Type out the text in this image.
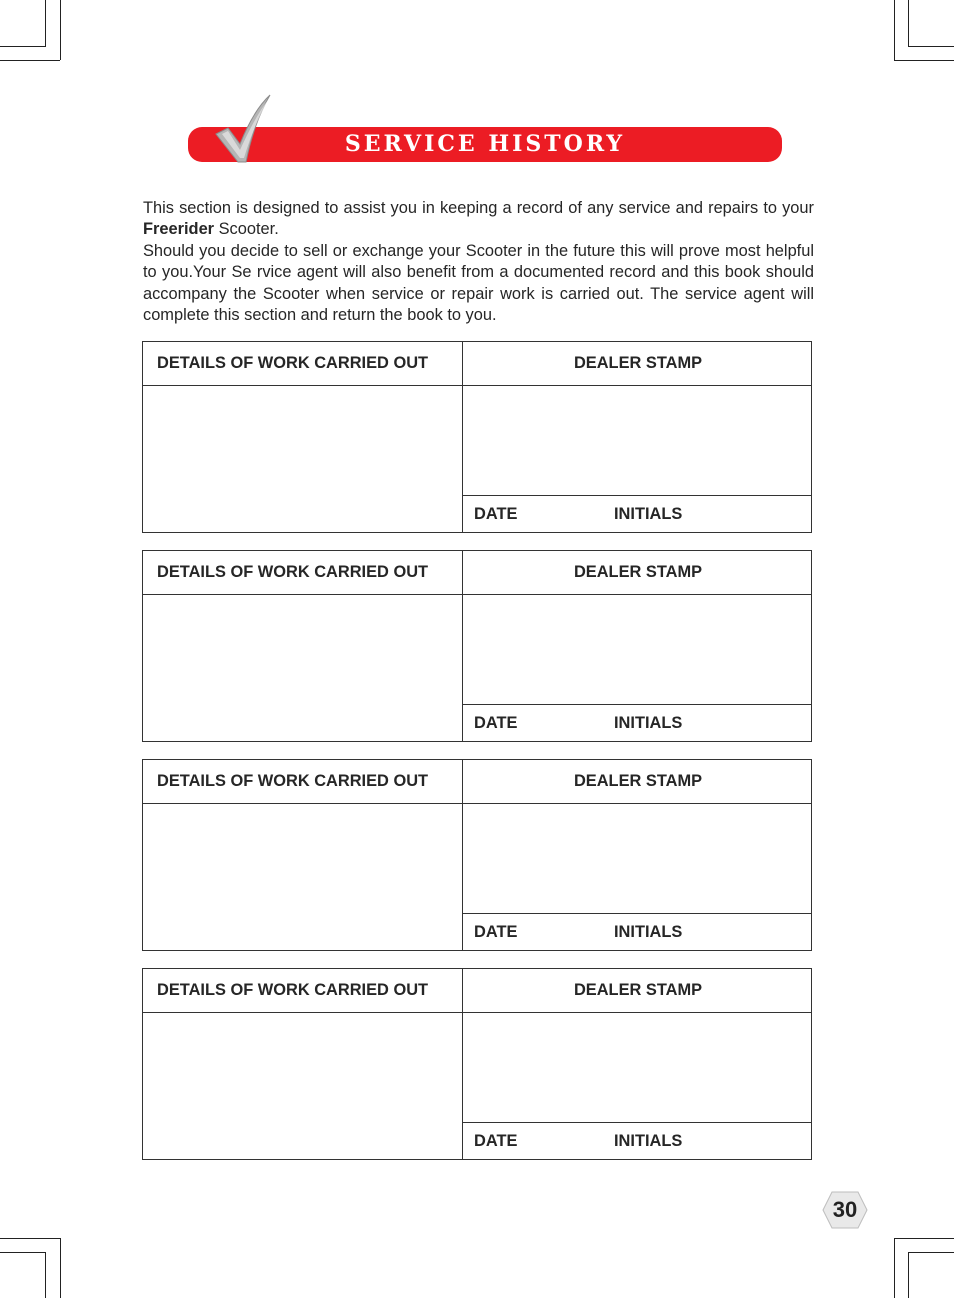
SERVICE HISTORY

This section is designed to assist you in keeping a record of any service and repairs to your Freerider Scooter.

Should you decide to sell or exchange your Scooter in the future this will prove most helpful to you.Your Se rvice agent will also benefit from a documented record and this book should accompany the Scooter when service or repair work is carried out. The service agent will complete this section and return the book to you.

DETAILS OF WORK CARRIED OUT	DEALER STAMP
DATE	INITIALS
DETAILS OF WORK CARRIED OUT	DEALER STAMP
DATE	INITIALS
DETAILS OF WORK CARRIED OUT	DEALER STAMP
DATE	INITIALS
DETAILS OF WORK CARRIED OUT	DEALER STAMP
DATE	INITIALS
30
